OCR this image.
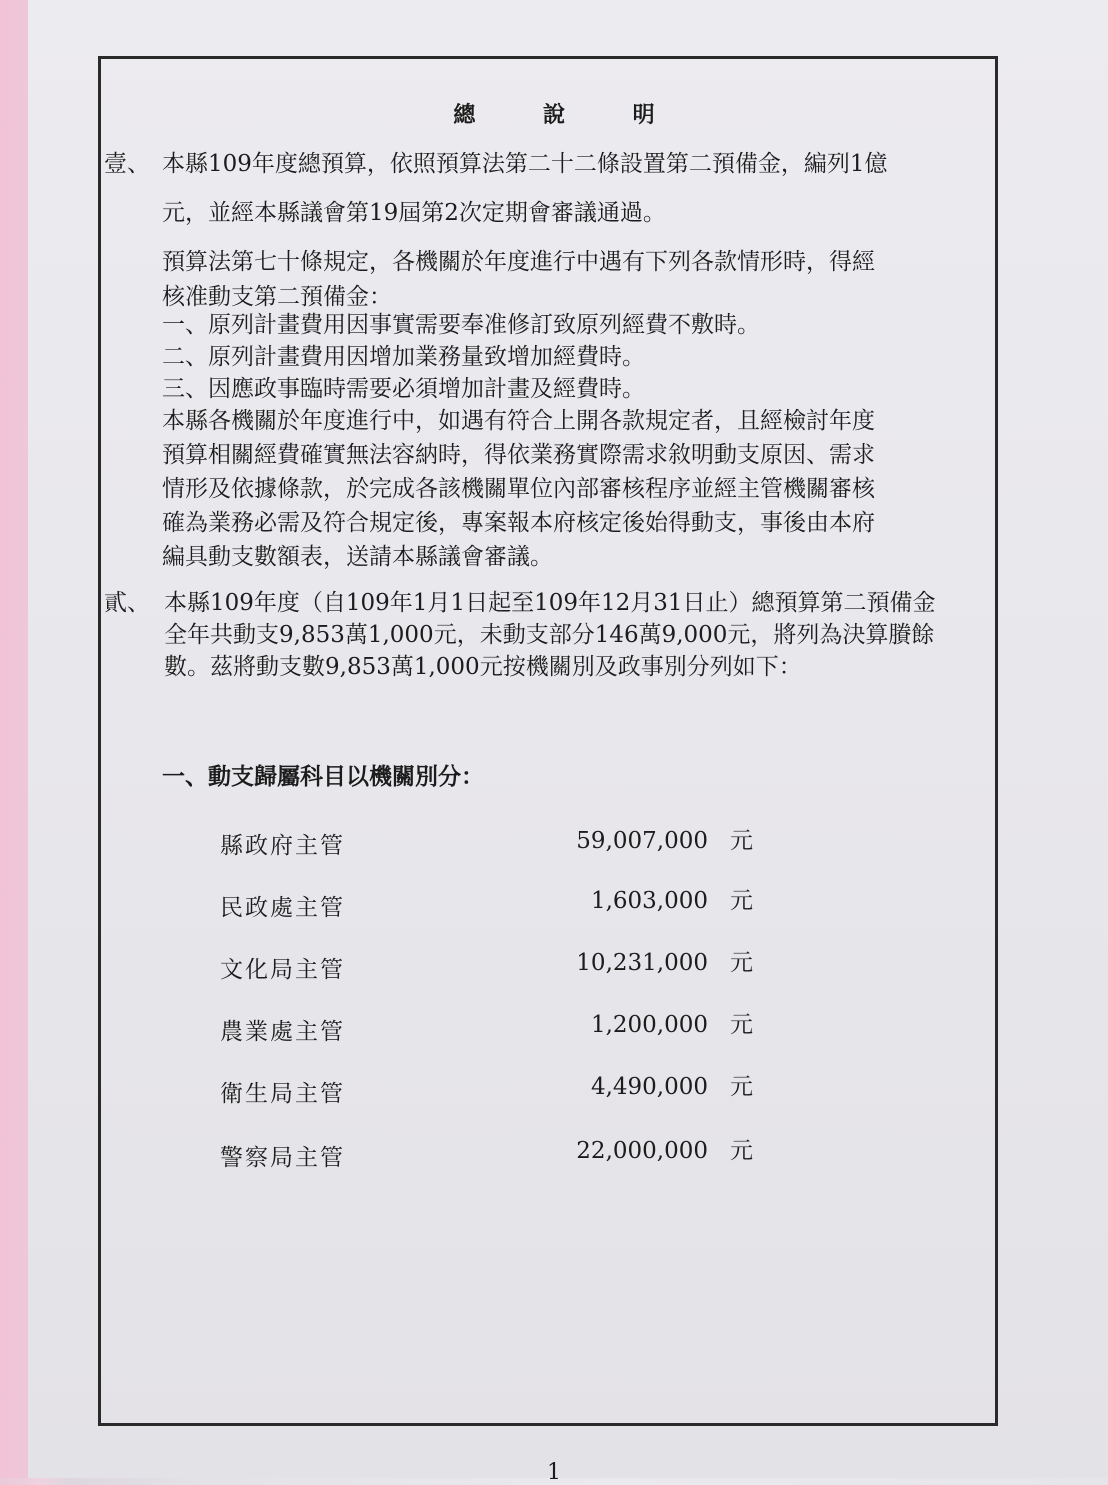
總 說 明
壹、 本縣109年度總預算，依照預算法第二十二條設置第二預備金，編列1億
元，並經本縣議會第19屆第2次定期會審議通過。
預算法第七十條規定，各機關於年度進行中遇有下列各款情形時，得經
核准動支第二預備金：
一、原列計畫費用因事實需要奉准修訂致原列經費不敷時。
二、原列計畫費用因增加業務量致增加經費時。
三、因應政事臨時需要必須增加計畫及經費時。
本縣各機關於年度進行中，如遇有符合上開各款規定者，且經檢討年度
預算相關經費確實無法容納時，得依業務實際需求敘明動支原因、需求
情形及依據條款，於完成各該機關單位內部審核程序並經主管機關審核
確為業務必需及符合規定後，專案報本府核定後始得動支，事後由本府
編具動支數額表，送請本縣議會審議。
貳、 本縣109年度（自109年1月1日起至109年12月31日止）總預算第二預備金
全年共動支9,853萬1,000元，未動支部分146萬9,000元，將列為決算賸餘
數。茲將動支數9,853萬1,000元按機關別及政事別分列如下：
一、動支歸屬科目以機關別分：
縣政府主管	59,007,000 元
民政處主管	1,603,000 元
文化局主管	10,231,000 元
農業處主管	1,200,000 元
衛生局主管	4,490,000 元
警察局主管	22,000,000 元
1
